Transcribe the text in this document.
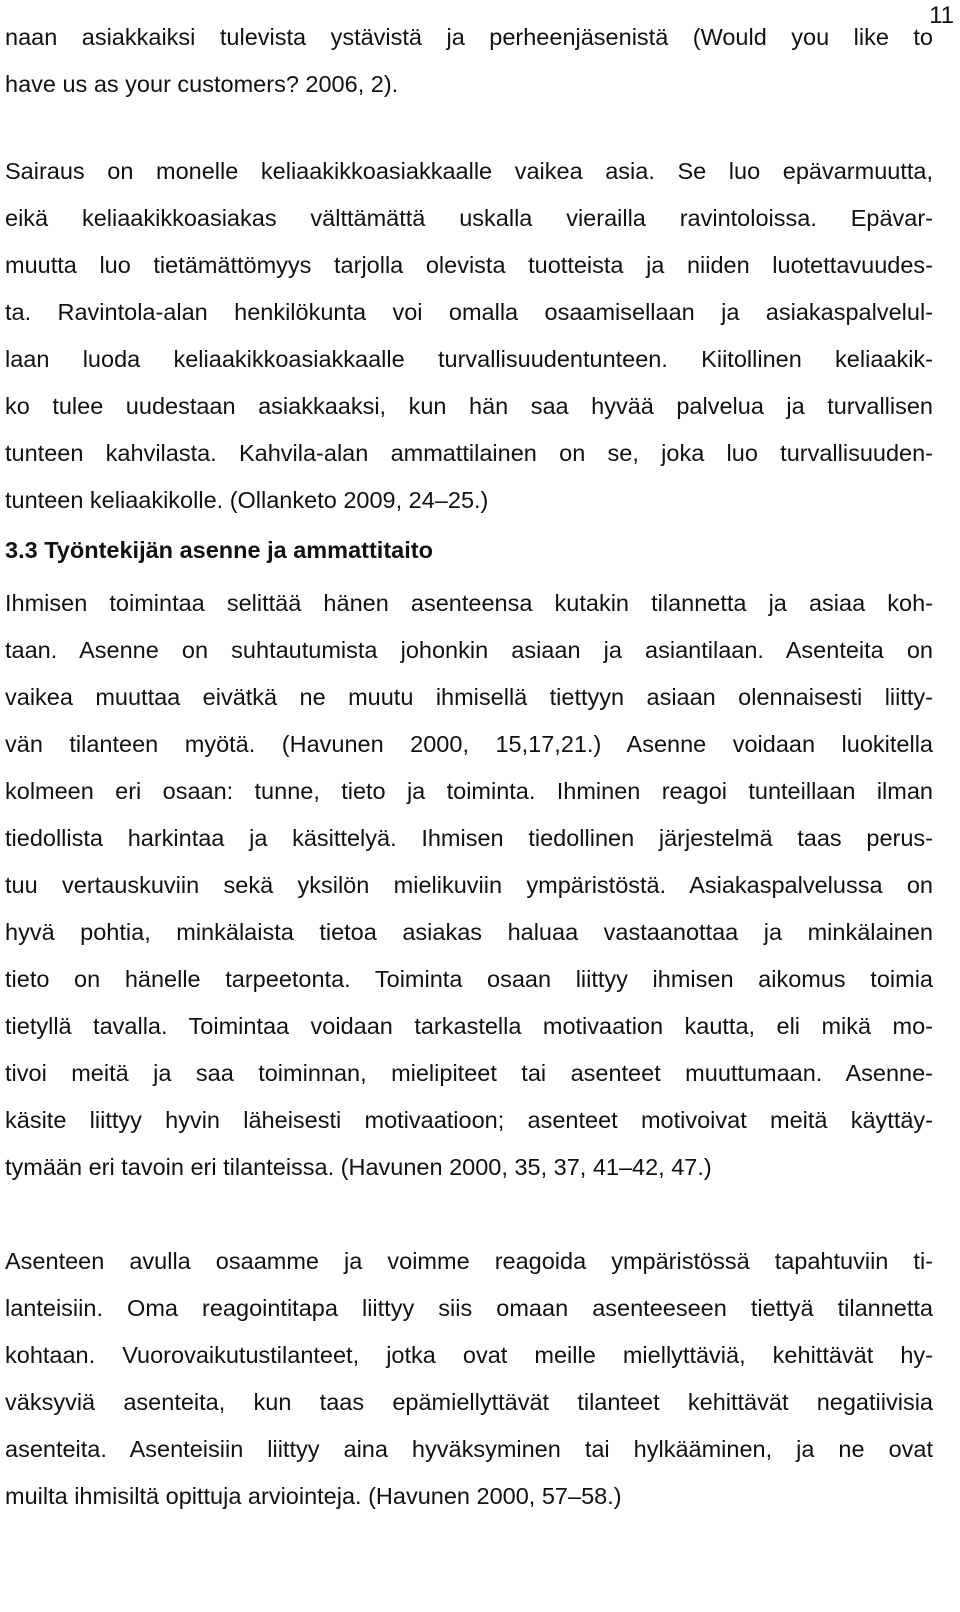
11

naan asiakkaiksi tulevista ystävistä ja perheenjäsenistä (Would you like to
have us as your customers? 2006, 2).

Sairaus on monelle keliaakikkoasiakkaalle vaikea asia. Se luo epävarmuutta,
eikä keliaakikkoasiakas välttämättä uskalla vierailla ravintoloissa. Epävar-
muutta luo tietämättömyys tarjolla olevista tuotteista ja niiden luotettavuudes-
ta. Ravintola-alan henkilökunta voi omalla osaamisellaan ja asiakaspalvelul-
laan luoda keliaakikkoasiakkaalle turvallisuudentunteen. Kiitollinen keliaakik-
ko tulee uudestaan asiakkaaksi, kun hän saa hyvää palvelua ja turvallisen
tunteen kahvilasta. Kahvila-alan ammattilainen on se, joka luo turvallisuuden-
tunteen keliaakikolle. (Ollanketo 2009, 24–25.)

3.3 Työntekijän asenne ja ammattitaito

Ihmisen toimintaa selittää hänen asenteensa kutakin tilannetta ja asiaa koh-
taan. Asenne on suhtautumista johonkin asiaan ja asiantilaan. Asenteita on
vaikea muuttaa eivätkä ne muutu ihmisellä tiettyyn asiaan olennaisesti liitty-
vän tilanteen myötä. (Havunen 2000, 15,17,21.) Asenne voidaan luokitella
kolmeen eri osaan: tunne, tieto ja toiminta. Ihminen reagoi tunteillaan ilman
tiedollista harkintaa ja käsittelyä. Ihmisen tiedollinen järjestelmä taas perus-
tuu vertauskuviin sekä yksilön mielikuviin ympäristöstä. Asiakaspalvelussa on
hyvä pohtia, minkälaista tietoa asiakas haluaa vastaanottaa ja minkälainen
tieto on hänelle tarpeetonta. Toiminta osaan liittyy ihmisen aikomus toimia
tietyllä tavalla. Toimintaa voidaan tarkastella motivaation kautta, eli mikä mo-
tivoi meitä ja saa toiminnan, mielipiteet tai asenteet muuttumaan. Asenne-
käsite liittyy hyvin läheisesti motivaatioon; asenteet motivoivat meitä käyttäy-
tymään eri tavoin eri tilanteissa. (Havunen 2000, 35, 37, 41–42, 47.)

Asenteen avulla osaamme ja voimme reagoida ympäristössä tapahtuviin ti-
lanteisiin. Oma reagointitapa liittyy siis omaan asenteeseen tiettyä tilannetta
kohtaan. Vuorovaikutustilanteet, jotka ovat meille miellyttäviä, kehittävät hy-
väksyviä asenteita, kun taas epämiellyttävät tilanteet kehittävät negatiivisia
asenteita. Asenteisiin liittyy aina hyväksyminen tai hylkääminen, ja ne ovat
muilta ihmisiltä opittuja arviointeja. (Havunen 2000, 57–58.)
